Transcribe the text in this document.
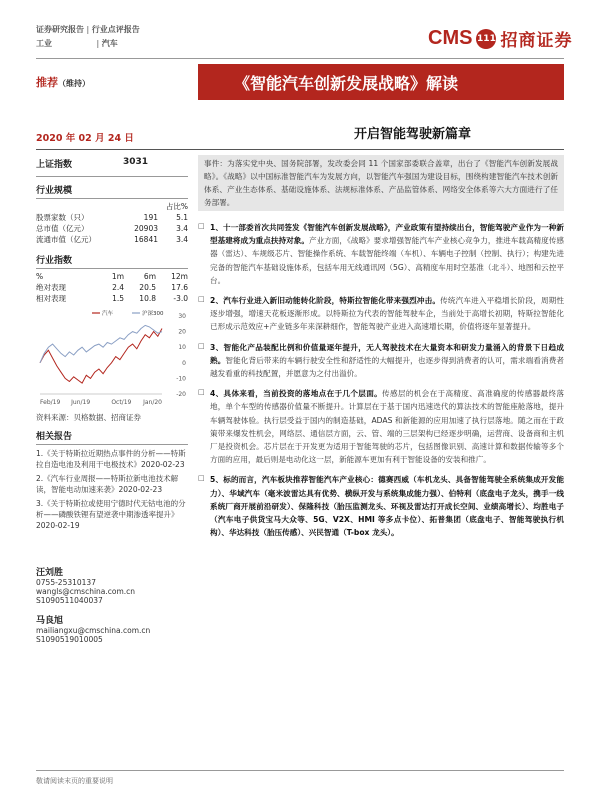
证券研究报告 | 行业点评报告
工业	| 汽车	CMS 111 招商证券
推荐（维持）	《智能汽车创新发展战略》解读
2020 年 02 月 24 日	开启智能驾驶新篇章
上证指数	3031
行业规模
占比%
股票家数（只）	191	5.1
总市值（亿元）	20903	3.4
流通市值（亿元）	16841	3.4
行业指数
%	1m	6m	12m
绝对表现	2.4	20.5	17.6
相对表现	1.5	10.8	-3.0
30
20
10
0
-10
-20
汽车	沪深300
Feb/19 Jun/19	Oct/19 Jan/20
资料来源：贝格数据、招商证券
相关报告
1.《关于特斯拉近期热点事件的分析——特斯拉自造电池及利用干电极技术》2020-02-23
2.《汽车行业周报——特斯拉新电池技术解读，智能电动加速来袭》2020-02-23
3.《关于特斯拉或使用宁德时代无钴电池的分析——磷酸铁锂有望逆袭中期渗透率提升》2020-02-19
汪刘胜
0755-25310137
wangls@cmschina.com.cn
S1090511040037
马良旭
mailiangxu@cmschina.com.cn
S1090519010005
事件：为落实党中央、国务院部署，发改委会同 11 个国家部委联合盖章，出台了《智能汽车创新发展战略》。《战略》以中国标准智能汽车为发展方向，以智能汽车强国为建设目标，围绕构建智能汽车技术创新体系、产业生态体系、基础设施体系、法规标准体系、产品监管体系、网络安全体系等六大方面进行了任务部署。
□ 1、十一部委首次共同签发《智能汽车创新发展战略》，产业政策有望持续出台，智能驾驶产业作为一种新型基建将成为重点扶持对象。产业方面，《战略》要求增强智能汽车产业核心竞争力，推进车载高精度传感器（雷达）、车规级芯片、智能操作系统、车载智能终端（车机）、车辆电子控制（控制、执行）；构建先进完备的智能汽车基础设施体系，包括车用无线通讯网（5G）、高精度车用时空基准（北斗）、地图和云控平台。
□ 2、汽车行业进入新旧动能转化阶段，特斯拉智能化带来强烈冲击。传统汽车进入平稳增长阶段，周期性逐步增强，增速天花板逐渐形成。以特斯拉为代表的智能驾驶车企，当前处于高增长初期，特斯拉智能化已形成示范效应+产业链多年来深耕细作，智能驾驶产业进入高速增长期，价值将逐年显著提升。
□ 3、智能化产品装配比例和价值量逐年提升，无人驾驶技术在大量资本和研发力量涌入的背景下日趋成熟。智能化背后带来的车辆行驶安全性和舒适性的大幅提升，也逐步得到消费者的认可，需求端看消费者越发看重的科技配置，并愿意为之付出溢价。
□ 4、具体来看，当前投资的落地点在于几个层面。传感层的机会在于高精度、高准确度的传感器最终落地，单个车型的传感器价值量不断提升。计算层在于基于国内迅速迭代的算法技术的智能座舱落地，提升车辆驾驶体验。执行层受益于国内的制造基础，ADAS 和新能源的应用加速了执行层落地。随之而在于政策带来爆发性机会，网络层、通信层方面，云、管、端的三层架构已经逐步明确，运营商、设备商和主机厂是投资机会。芯片层在于开发更为适用于智能驾驶的芯片，包括图像识别、高速计算和数据传输等多个方面的应用，最后则是电动化这一层，新能源车更加有利于智能设备的安装和推广。
□ 5、标的而言，汽车板块推荐智能汽车产业核心：德赛西威（车机龙头、具备智能驾驶全系统集成开发能力）、华域汽车（毫米波雷达具有优势、横纵开发与系统集成能力强）、伯特利（底盘电子龙头，携手一线系统厂商开展前沿研发）、保隆科技（胎压监测龙头、环视及雷达打开成长空间、业绩高增长）、均胜电子（汽车电子供货宝马大众等、5G、V2X、HMI 等多点卡位）、拓普集团（底盘电子、智能驾驶执行机构）、华达科技（胎压传感）、兴民智通（T-box 龙头）。
敬请阅读末页的重要说明
